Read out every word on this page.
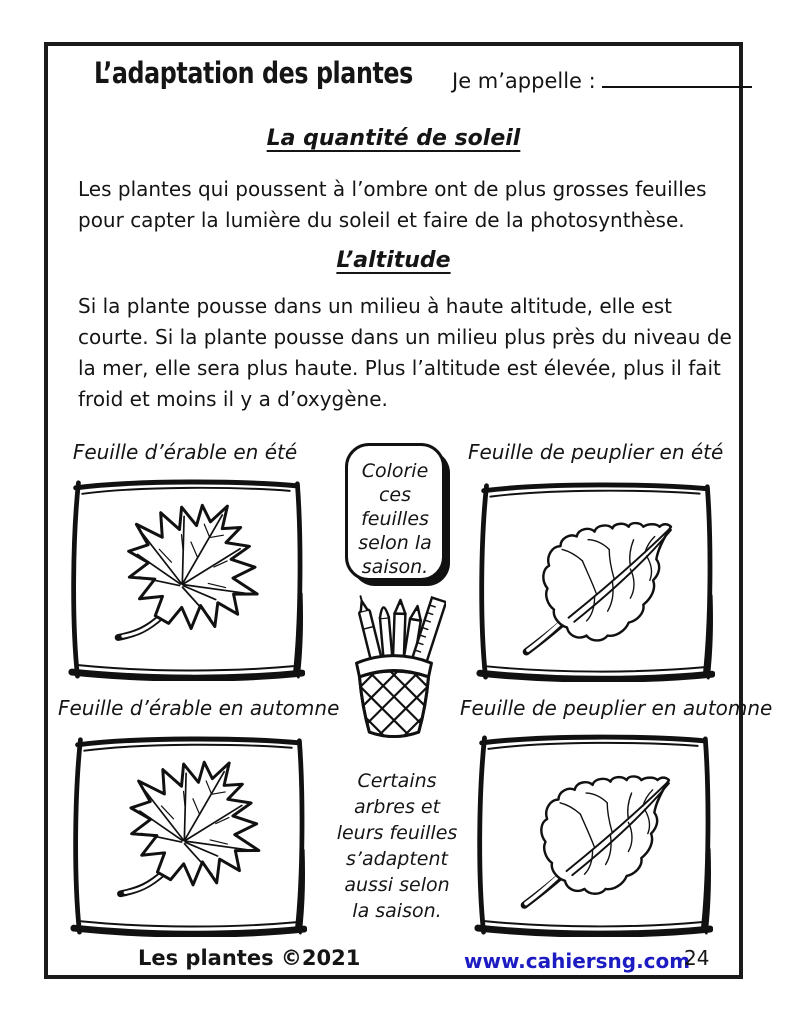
L’adaptation des plantes Je m’appelle :
La quantité de soleil

Les plantes qui poussent à l’ombre ont de plus grosses feuilles pour capter la lumière du soleil et faire de la photosynthèse.

L’altitude

Si la plante pousse dans un milieu à haute altitude, elle est courte. Si la plante pousse dans un milieu plus près du niveau de la mer, elle sera plus haute. Plus l’altitude est élevée, plus il fait froid et moins il y a d’oxygène.

Feuille d’érable en été	Feuille de peuplier en été
Feuille d’érable en automne	Feuille de peuplier en automne
Colorie ces feuilles selon la saison.
Certains arbres et leurs feuilles s’adaptent aussi selon la saison.
Les plantes ©2021	www.cahiersng.com
24
